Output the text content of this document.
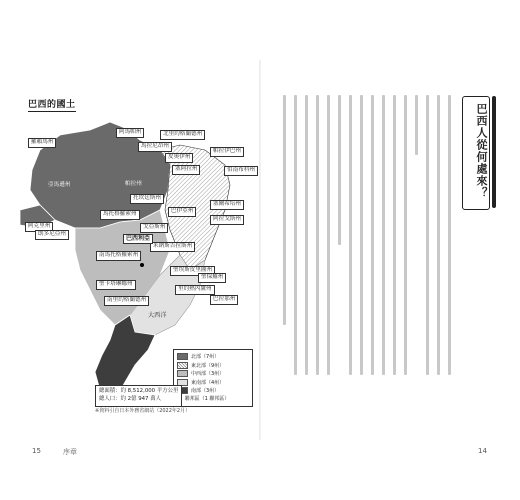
巴西的國土
羅賴馬州
阿馬帕州	北里約格蘭德州
馬拉尼昂州
皮奧伊州
帕拉伊巴州
亞馬遜州	帕拉州
塞阿拉州	伯南布科州
阿克里州
朗多尼亞州
托坎廷斯州
塞爾希培州
巴伊亞州
阿拉戈斯州
馬托格羅索州
戈亞斯州
米納斯吉拉斯州
巴西利亞
南馬托格羅索州
聖埃斯皮里圖州
聖保羅州
里約熱內盧州
巴拉那州
聖卡塔琳娜州
南里約格蘭德州
大西洋
北部（7州）
東北部（9州）
中西部（3州）
東南部（4州）
南部（3州）
聯邦區（1 聯邦區）
總面積：約 8,512,000 平方公里
總人口：約 2億 947 萬人
※資料引自日本外務省網站（2022年2月）
15	序章
巴西人從何處來？
14
